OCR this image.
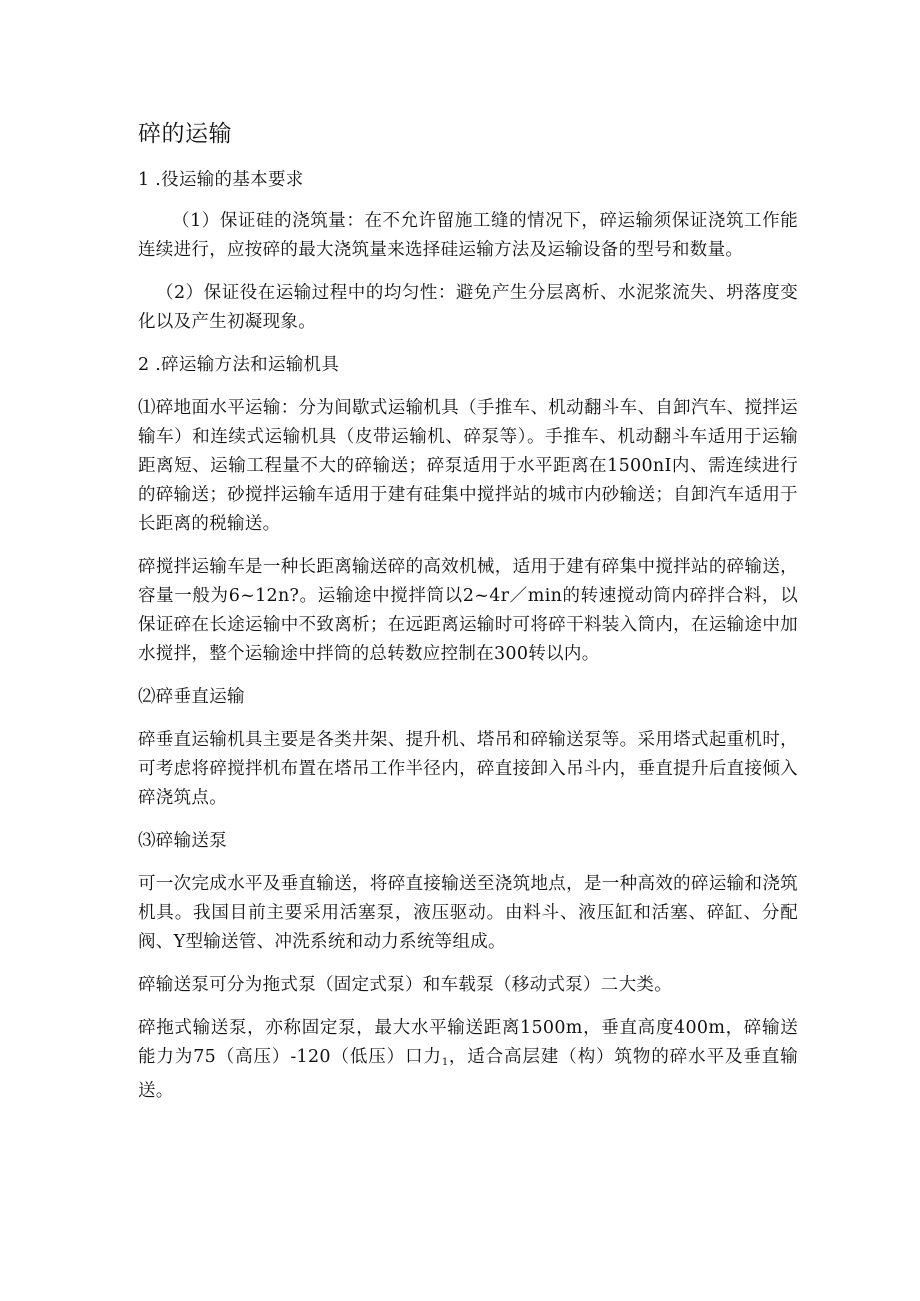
碎的运输

1 .役运输的基本要求

（1）保证硅的浇筑量：在不允许留施工缝的情况下，碎运输须保证浇筑工作能连续进行，应按碎的最大浇筑量来选择硅运输方法及运输设备的型号和数量。

（2）保证役在运输过程中的均匀性：避免产生分层离析、水泥浆流失、坍落度变化以及产生初凝现象。

2 .碎运输方法和运输机具

⑴碎地面水平运输：分为间歇式运输机具（手推车、机动翻斗车、自卸汽车、搅拌运输车）和连续式运输机具（皮带运输机、碎泵等）。手推车、机动翻斗车适用于运输距离短、运输工程量不大的碎输送；碎泵适用于水平距离在1500nI内、需连续进行的碎输送；砂搅拌运输车适用于建有硅集中搅拌站的城市内砂输送；自卸汽车适用于长距离的税输送。

碎搅拌运输车是一种长距离输送碎的高效机械，适用于建有碎集中搅拌站的碎输送，容量一般为6~12n?。运输途中搅拌筒以2~4r／min的转速搅动筒内碎拌合料，以保证碎在长途运输中不致离析；在远距离运输时可将碎干料装入筒内，在运输途中加水搅拌，整个运输途中拌筒的总转数应控制在300转以内。

⑵碎垂直运输

碎垂直运输机具主要是各类井架、提升机、塔吊和碎输送泵等。采用塔式起重机时，可考虑将碎搅拌机布置在塔吊工作半径内，碎直接卸入吊斗内，垂直提升后直接倾入碎浇筑点。

⑶碎输送泵

可一次完成水平及垂直输送，将碎直接输送至浇筑地点，是一种高效的碎运输和浇筑机具。我国目前主要采用活塞泵，液压驱动。由料斗、液压缸和活塞、碎缸、分配阀、Y型输送管、冲洗系统和动力系统等组成。

碎输送泵可分为拖式泵（固定式泵）和车载泵（移动式泵）二大类。

碎拖式输送泵，亦称固定泵，最大水平输送距离1500m，垂直高度400m，碎输送能力为75（高压）-120（低压）口力$_1$，适合高层建（构）筑物的碎水平及垂直输送。
